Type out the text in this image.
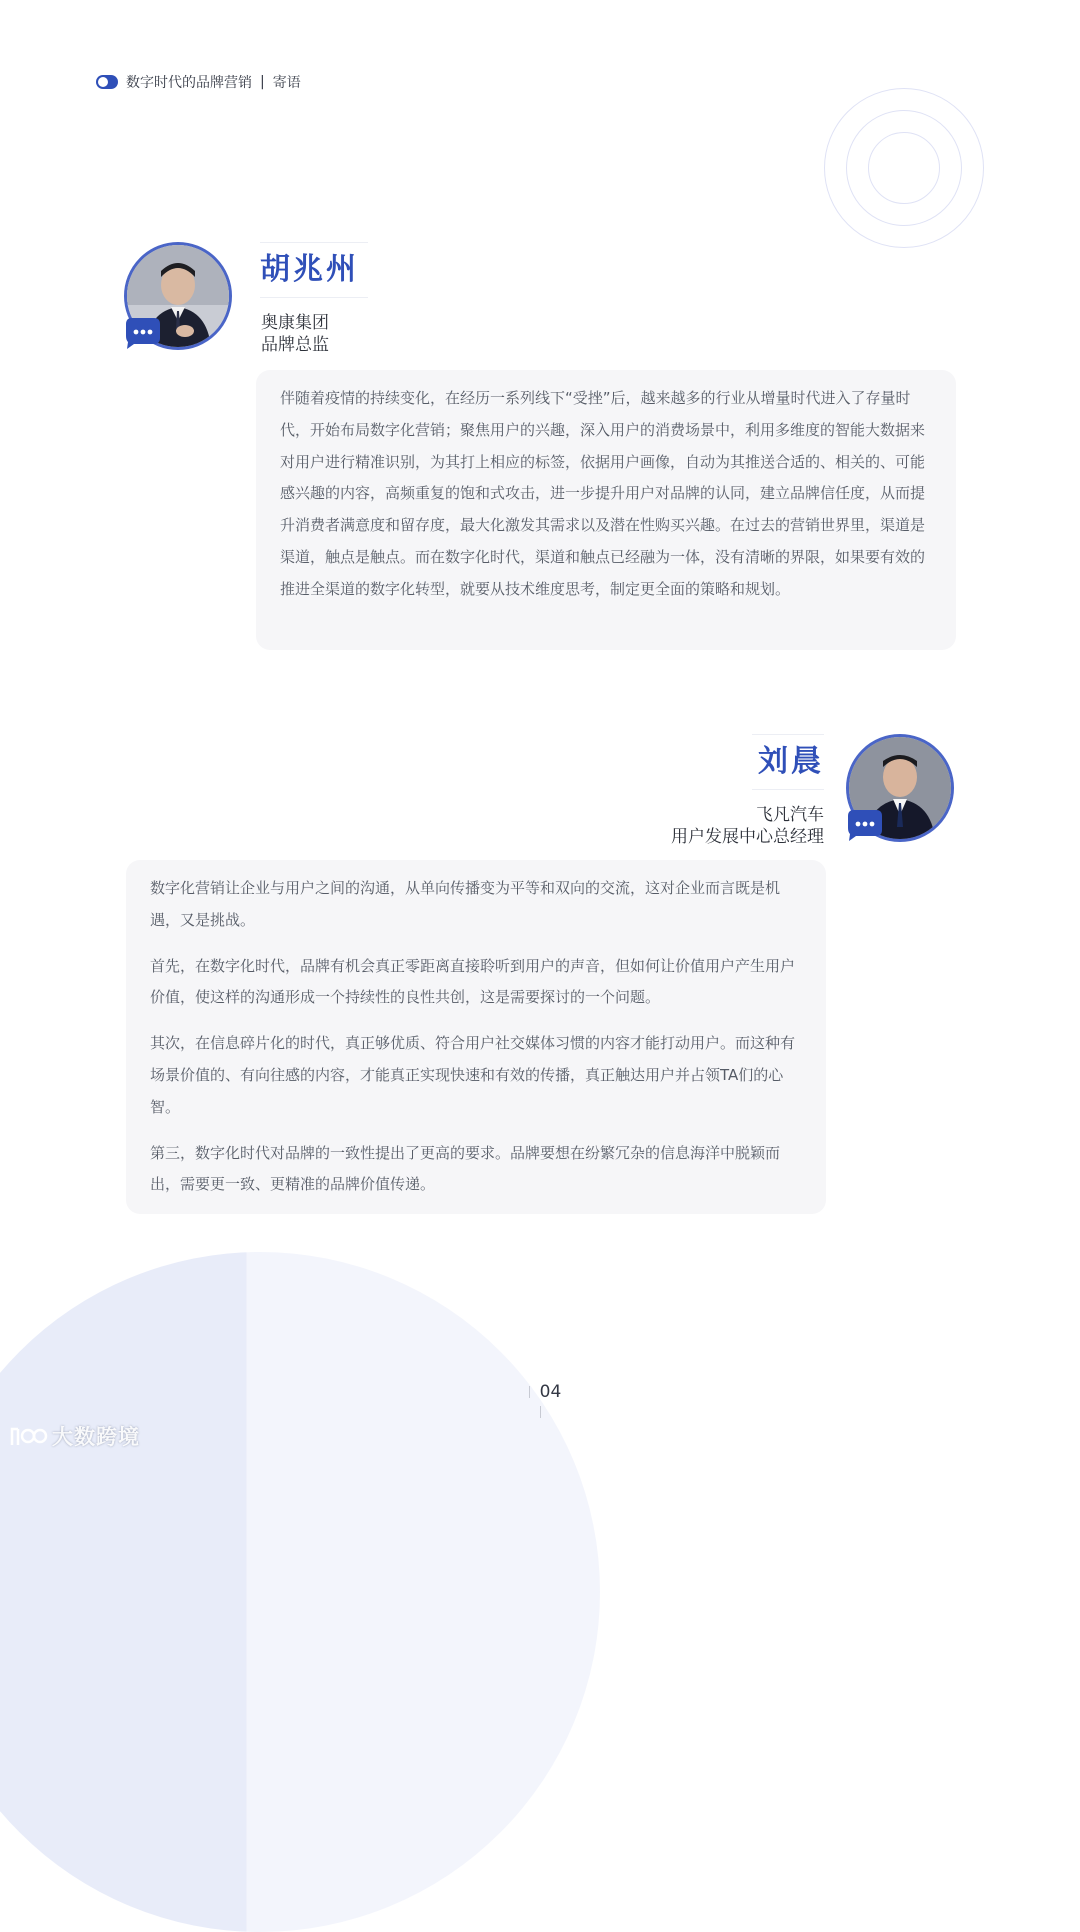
数字时代的品牌营销 | 寄语
胡兆州
奥康集团
品牌总监

伴随着疫情的持续变化，在经历一系列线下“受挫”后，越来越多的行业从增量时代进入了存量时代，开始布局数字化营销；聚焦用户的兴趣，深入用户的消费场景中，利用多维度的智能大数据来对用户进行精准识别，为其打上相应的标签，依据用户画像，自动为其推送合适的、相关的、可能感兴趣的内容，高频重复的饱和式攻击，进一步提升用户对品牌的认同，建立品牌信任度，从而提升消费者满意度和留存度，最大化激发其需求以及潜在性购买兴趣。在过去的营销世界里，渠道是渠道，触点是触点。而在数字化时代，渠道和触点已经融为一体，没有清晰的界限，如果要有效的推进全渠道的数字化转型，就要从技术维度思考，制定更全面的策略和规划。

刘晨
飞凡汽车
用户发展中心总经理

数字化营销让企业与用户之间的沟通，从单向传播变为平等和双向的交流，这对企业而言既是机遇，又是挑战。

首先，在数字化时代，品牌有机会真正零距离直接聆听到用户的声音，但如何让价值用户产生用户价值，使这样的沟通形成一个持续性的良性共创，这是需要探讨的一个问题。

其次，在信息碎片化的时代，真正够优质、符合用户社交媒体习惯的内容才能打动用户。而这种有场景价值的、有向往感的内容，才能真正实现快速和有效的传播，真正触达用户并占领TA们的心智。

第三，数字化时代对品牌的一致性提出了更高的要求。品牌要想在纷繁冗杂的信息海洋中脱颖而出，需要更一致、更精准的品牌价值传递。

04
大数跨境
